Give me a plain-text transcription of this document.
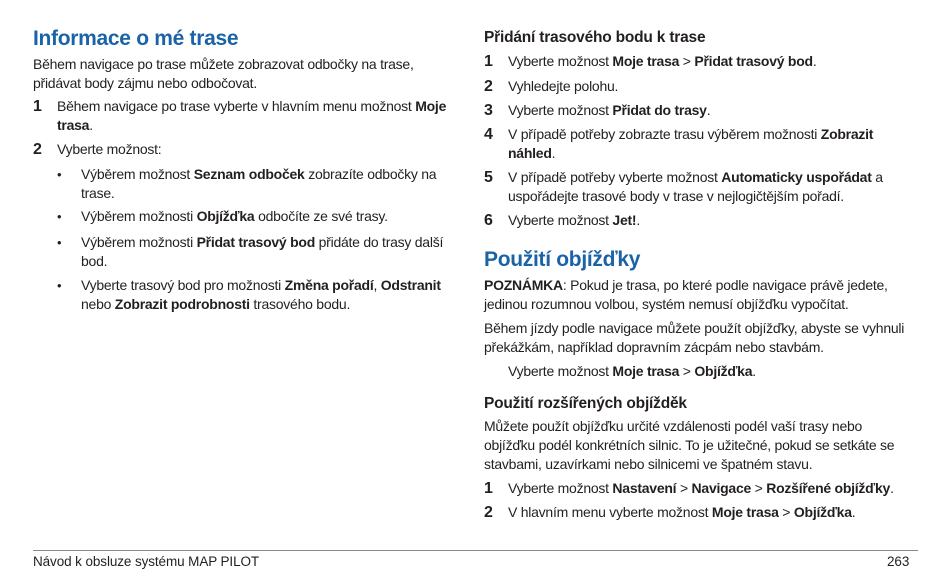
Informace o mé trase

Během navigace po trase můžete zobrazovat odbočky na trase,

přidávat body zájmu nebo odbočovat.

1 Během navigace po trase vyberte v hlavním menu možnost Moje

trasa.

2 Vyberte možnost:

• Výběrem možnost Seznam odboček zobrazíte odbočky na

trase.

• Výběrem možnosti Objížďka odbočíte ze své trasy.

• Výběrem možnosti Přidat trasový bod přidáte do trasy další

bod.

• Vyberte trasový bod pro možnosti Změna pořadí, Odstranit

nebo Zobrazit podrobnosti trasového bodu.

Přidání trasového bodu k trase
1 Vyberte možnost Moje trasa > Přidat trasový bod.

2 Vyhledejte polohu.

3 Vyberte možnost Přidat do trasy.

4 V případě potřeby zobrazte trasu výběrem možnosti Zobrazit

náhled.

5 V případě potřeby vyberte možnost Automaticky uspořádat a

uspořádejte trasové body v trase v nejlogičtějším pořadí.

6 Vyberte možnost Jet!.

Použití objížďky

POZNÁMKA: Pokud je trasa, po které podle navigace právě jedete,

jedinou rozumnou volbou, systém nemusí objížďku vypočítat.

Během jízdy podle navigace můžete použít objížďky, abyste se vyhnuli

překážkám, například dopravním zácpám nebo stavbám.

Vyberte možnost Moje trasa > Objížďka.

Použití rozšířených objížděk

Můžete použít objížďku určité vzdálenosti podél vaší trasy nebo

objížďku podél konkrétních silnic. To je užitečné, pokud se setkáte se

stavbami, uzavírkami nebo silnicemi ve špatném stavu.

1 Vyberte možnost Nastavení > Navigace > Rozšířené objížďky.

2 V hlavním menu vyberte možnost Moje trasa > Objížďka.

Návod k obsluze systému MAP PILOT	263
